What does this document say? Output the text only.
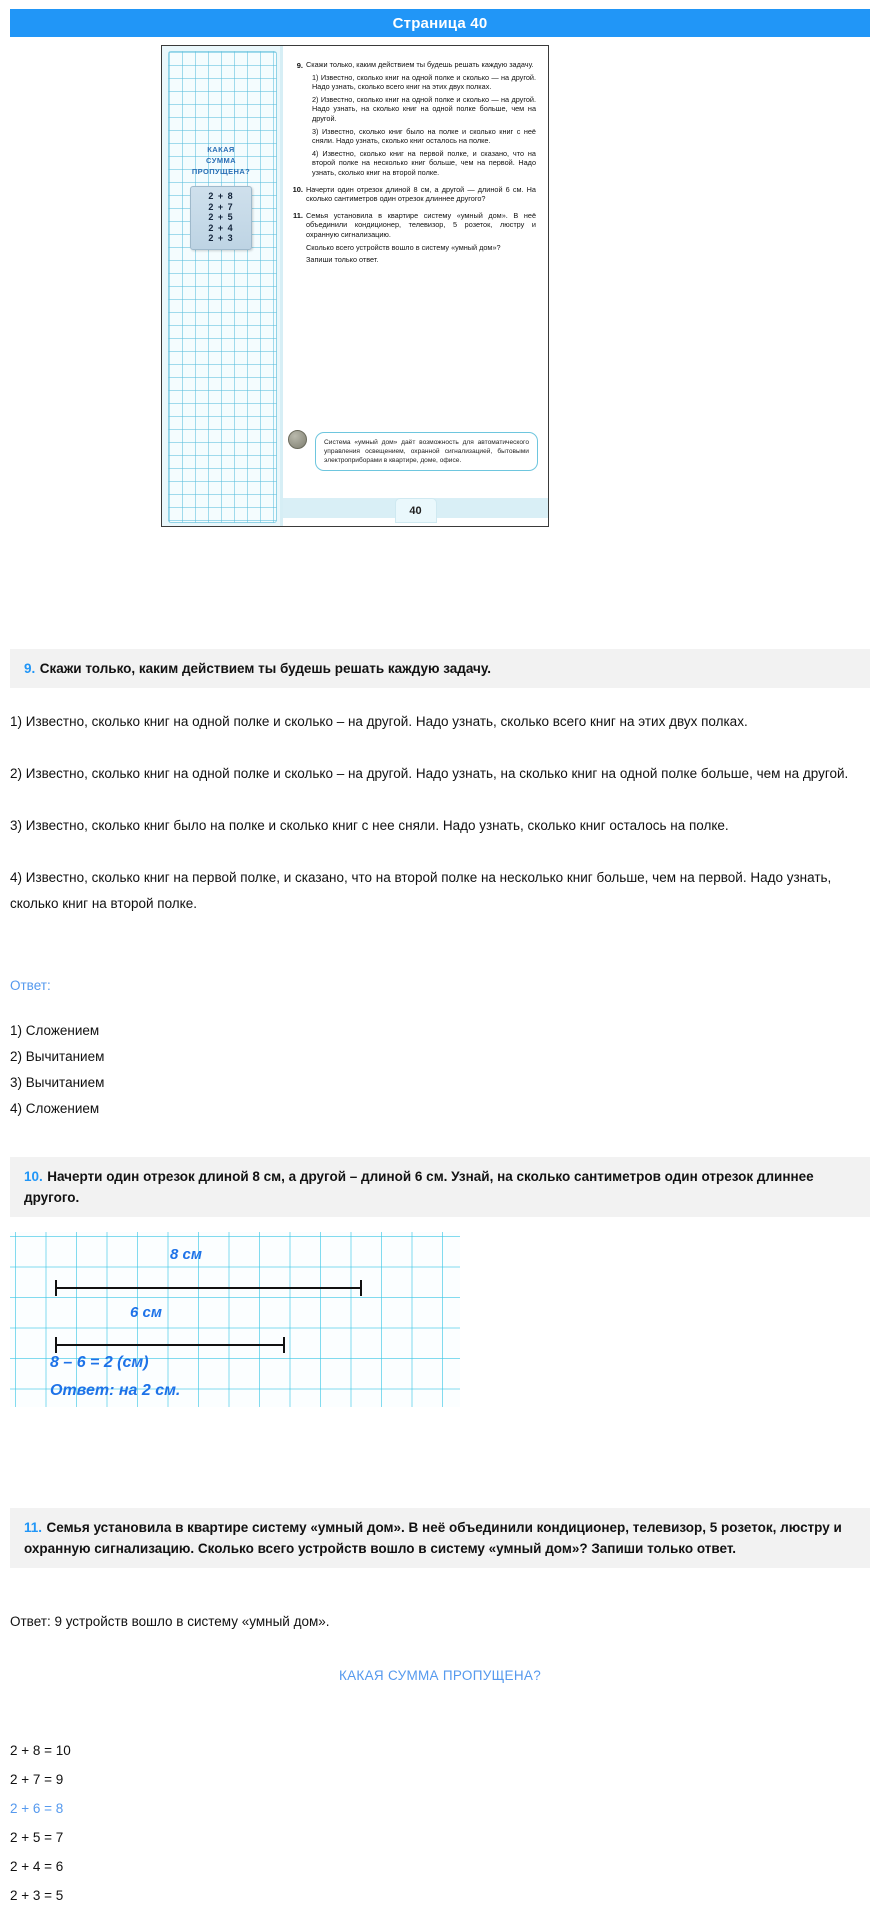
Страница 40
КАКАЯ
СУММА
ПРОПУЩЕНА?
2 + 8
2 + 7
2 + 5
2 + 4
2 + 3
9. Скажи только, каким действием ты будешь решать каждую задачу.

1) Известно, сколько книг на одной полке и сколько — на другой. Надо узнать, сколько всего книг на этих двух полках.

2) Известно, сколько книг на одной полке и сколько — на другой. Надо узнать, на сколько книг на одной полке больше, чем на другой.

3) Известно, сколько книг было на полке и сколько книг с неё сняли. Надо узнать, сколько книг осталось на полке.

4) Известно, сколько книг на первой полке, и сказано, что на второй полке на несколько книг больше, чем на первой. Надо узнать, сколько книг на второй полке.

10. Начерти один отрезок длиной 8 см, а другой — длиной 6 см. На сколько сантиметров один отрезок длиннее другого?

11. Семья установила в квартире систему «умный дом». В неё объединили кондиционер, телевизор, 5 розеток, люстру и охранную сигнализацию.

Сколько всего устройств вошло в систему «умный дом»?

Запиши только ответ.

Система «умный дом» даёт возможность для автоматического управления освещением, охранной сигнализацией, бытовыми электроприборами в квартире, доме, офисе.

40
9. Скажи только, каким действием ты будешь решать каждую задачу.
1) Известно, сколько книг на одной полке и сколько – на другой. Надо узнать, сколько всего книг на этих двух полках.
2) Известно, сколько книг на одной полке и сколько – на другой. Надо узнать, на сколько книг на одной полке больше, чем на другой.
3) Известно, сколько книг было на полке и сколько книг с нее сняли. Надо узнать, сколько книг осталось на полке.
4) Известно, сколько книг на первой полке, и сказано, что на второй полке на несколько книг больше, чем на первой. Надо узнать, сколько книг на второй полке.
Ответ:
1) Сложением
2) Вычитанием
3) Вычитанием
4) Сложением
10. Начерти один отрезок длиной 8 см, а другой – длиной 6 см. Узнай, на сколько сантиметров один отрезок длиннее другого.
8 см
6 см
8 – 6 = 2 (см)
Ответ: на 2 см.
11. Семья установила в квартире систему «умный дом». В неё объединили кондиционер, телевизор, 5 розеток, люстру и охранную сигнализацию. Сколько всего устройств вошло в систему «умный дом»? Запиши только ответ.
Ответ: 9 устройств вошло в систему «умный дом».
КАКАЯ СУММА ПРОПУЩЕНА?
2 + 8 = 10
2 + 7 = 9
2 + 6 = 8
2 + 5 = 7
2 + 4 = 6
2 + 3 = 5
